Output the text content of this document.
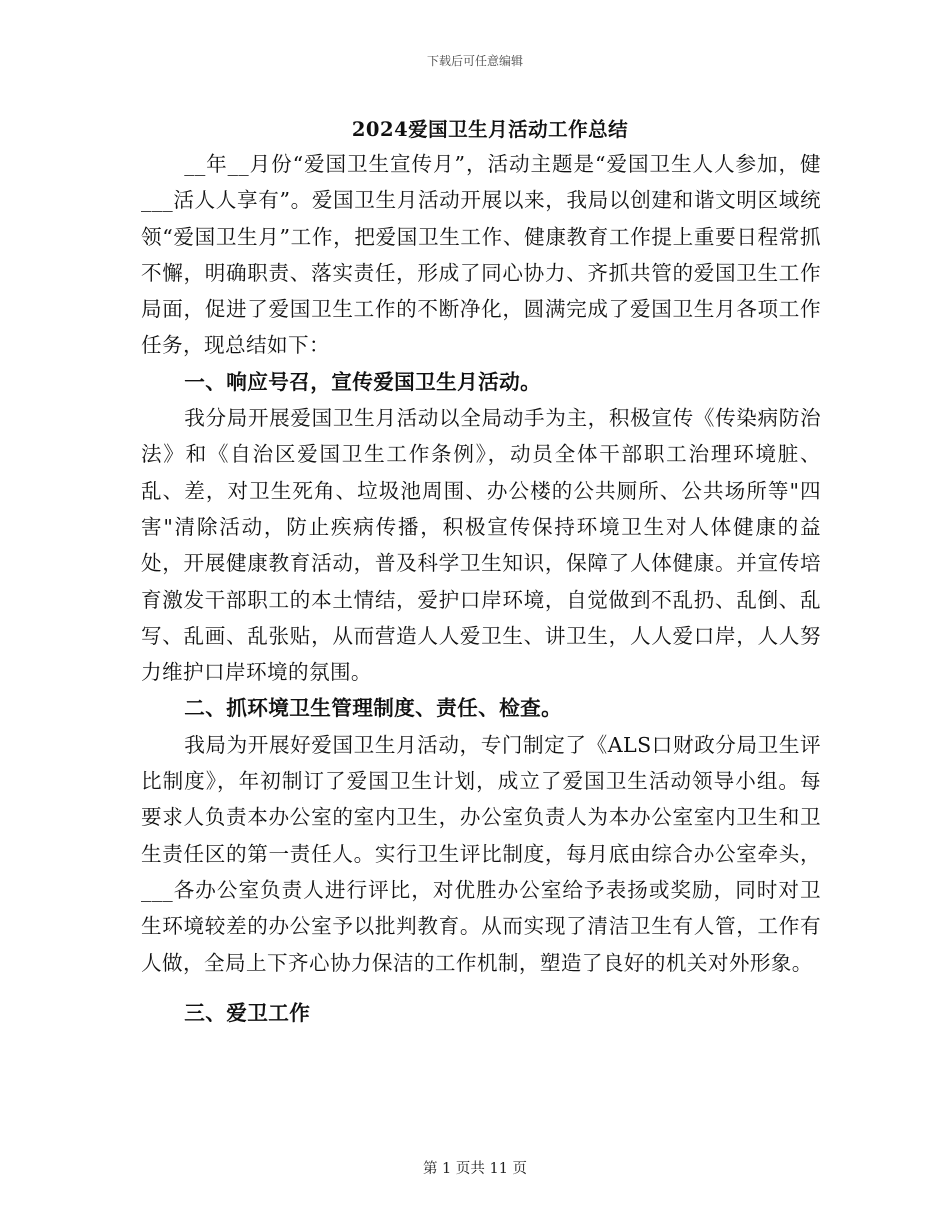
下载后可任意编辑
2024爱国卫生月活动工作总结

__年__月份“爱国卫生宣传月”，活动主题是“爱国卫生人人参加，健___活人人享有”。爱国卫生月活动开展以来，我局以创建和谐文明区域统领“爱国卫生月”工作，把爱国卫生工作、健康教育工作提上重要日程常抓不懈，明确职责、落实责任，形成了同心协力、齐抓共管的爱国卫生工作局面，促进了爱国卫生工作的不断净化，圆满完成了爱国卫生月各项工作任务，现总结如下：

一、响应号召，宣传爱国卫生月活动。

我分局开展爱国卫生月活动以全局动手为主，积极宣传《传染病防治法》和《自治区爱国卫生工作条例》，动员全体干部职工治理环境脏、乱、差，对卫生死角、垃圾池周围、办公楼的公共厕所、公共场所等"四害"清除活动，防止疾病传播，积极宣传保持环境卫生对人体健康的益处，开展健康教育活动，普及科学卫生知识，保障了人体健康。并宣传培育激发干部职工的本土情结，爱护口岸环境，自觉做到不乱扔、乱倒、乱写、乱画、乱张贴，从而营造人人爱卫生、讲卫生，人人爱口岸，人人努力维护口岸环境的氛围。

二、抓环境卫生管理制度、责任、检查。

我局为开展好爱国卫生月活动，专门制定了《ALS口财政分局卫生评比制度》，年初制订了爱国卫生计划，成立了爱国卫生活动领导小组。每要求人负责本办公室的室内卫生，办公室负责人为本办公室室内卫生和卫生责任区的第一责任人。实行卫生评比制度，每月底由综合办公室牵头，___各办公室负责人进行评比，对优胜办公室给予表扬或奖励，同时对卫生环境较差的办公室予以批判教育。从而实现了清洁卫生有人管，工作有人做，全局上下齐心协力保洁的工作机制，塑造了良好的机关对外形象。

三、爱卫工作

第 1 页共 11 页
